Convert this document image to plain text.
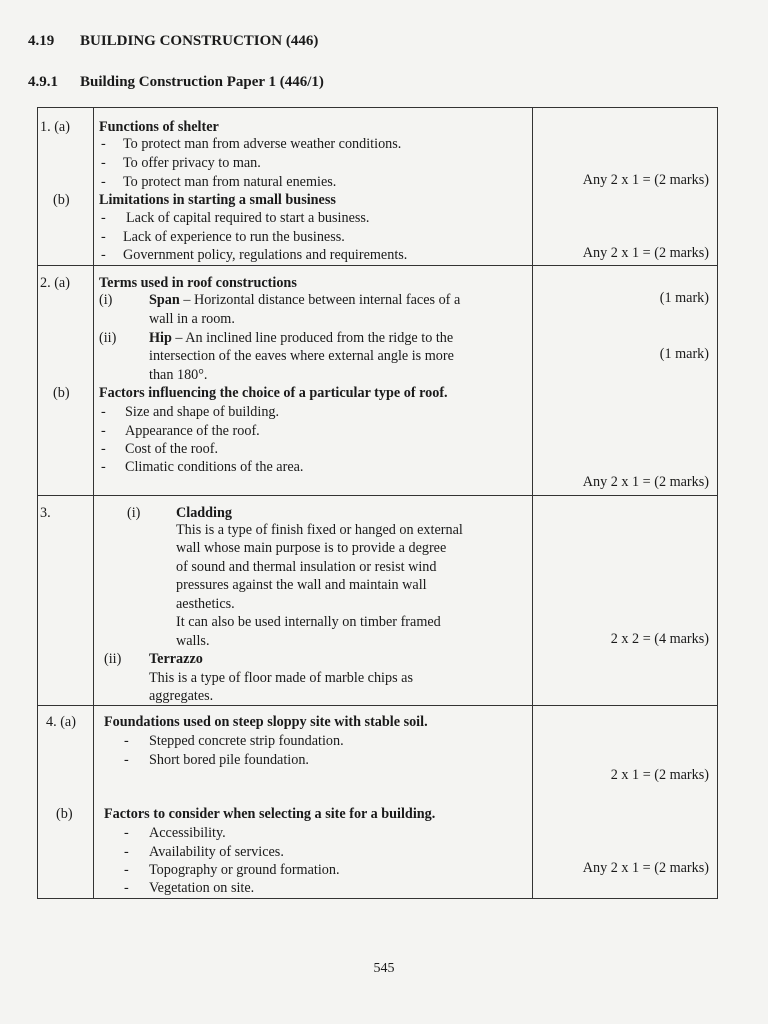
4.19 BUILDING CONSTRUCTION (446)
4.9.1 Building Construction Paper 1 (446/1)
1. (a) Functions of shelter
- To protect man from adverse weather conditions.
- To offer privacy to man.
- To protect man from natural enemies.	Any 2 x 1 = (2 marks)
(b) Limitations in starting a small business
- Lack of capital required to start a business.
- Lack of experience to run the business.
- Government policy, regulations and requirements.	Any 2 x 1 = (2 marks)
2. (a) Terms used in roof constructions
(i)	Span – Horizontal distance between internal faces of a
wall in a room.
(1 mark)
(ii) Hip – An inclined line produced from the ridge to the
intersection of the eaves where external angle is more
than 180°.
(1 mark)
(b) Factors influencing the choice of a particular type of roof.
- Size and shape of building.
- Appearance of the roof.
- Cost of the roof.
- Climatic conditions of the area.
Any 2 x 1 = (2 marks)
3.	(i)	Cladding
This is a type of finish fixed or hanged on external
wall whose main purpose is to provide a degree
of sound and thermal insulation or resist wind
pressures against the wall and maintain wall
aesthetics.
It can also be used internally on timber framed
walls.	2 x 2 = (4 marks)
(ii) Terrazzo
This is a type of floor made of marble chips as
aggregates.
4. (a) Foundations used on steep sloppy site with stable soil.
- Stepped concrete strip foundation.
- Short bored pile foundation.
2 x 1 = (2 marks)
(b) Factors to consider when selecting a site for a building.
- Accessibility.
- Availability of services.
- Topography or ground formation.
- Vegetation on site.
Any 2 x 1 = (2 marks)
545
